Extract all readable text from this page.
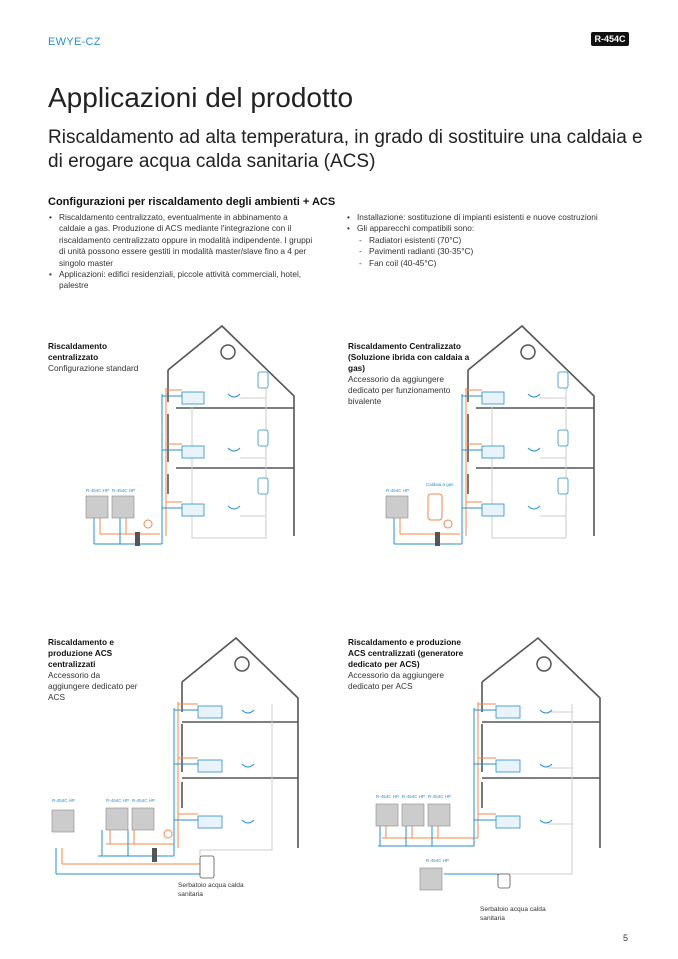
EWYE-CZ	R-454C
Applicazioni del prodotto
Riscaldamento ad alta temperatura, in grado di sostituire una caldaia e di erogare acqua calda sanitaria (ACS)
Configurazioni per riscaldamento degli ambienti + ACS
• Riscaldamento centralizzato, eventualmente in abbinamento a caldaie a gas. Produzione di ACS mediante l'integrazione con il riscaldamento centralizzato oppure in modalità indipendente. I gruppi di unità possono essere gestiti in modalità master/slave fino a 4 per singolo master
• Applicazioni: edifici residenziali, piccole attività commerciali, hotel, palestre
• Installazione: sostituzione di impianti esistenti e nuove costruzioni
• Gli apparecchi compatibili sono:
- Radiatori esistenti (70°C)
- Pavimenti radianti (30-35°C)
- Fan coil (40-45°C)
Riscaldamento centralizzato
Configurazione standard
Riscaldamento Centralizzato (Soluzione ibrida con caldaia a gas)
Accessorio da aggiungere dedicato per funzionamento bivalente
Riscaldamento e produzione ACS centralizzati
Accessorio da aggiungere dedicato per ACS
Riscaldamento e produzione ACS centralizzati (generatore dedicato per ACS)
Accessorio da aggiungere dedicato per ACS
R-454C HP R-454C HP	R-454C HP
Caldaia a gas
R-454C HP	R-454C HP R-454C HP
R-454C HP R-454C HP R-454C HP
R-454C HP
Serbatoio acqua calda sanitaria
Serbatoio acqua calda sanitaria
5
